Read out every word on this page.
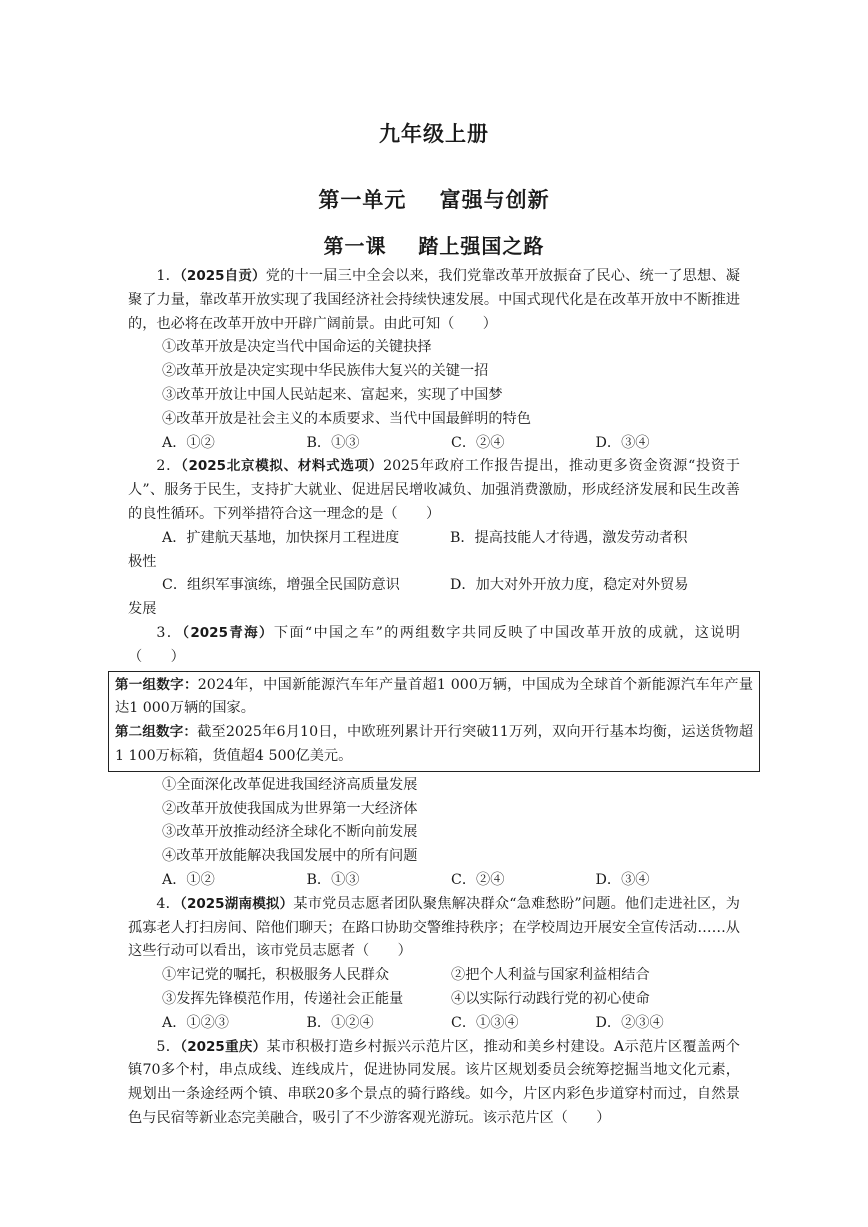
九年级上册
第一单元    富强与创新
第一课    踏上强国之路

1．（2025自贡）党的十一届三中全会以来，我们党靠改革开放振奋了民心、统一了思想、凝聚了力量，靠改革开放实现了我国经济社会持续快速发展。中国式现代化是在改革开放中不断推进的，也必将在改革开放中开辟广阔前景。由此可知（　　）

①改革开放是决定当代中国命运的关键抉择

②改革开放是决定实现中华民族伟大复兴的关键一招

③改革开放让中国人民站起来、富起来，实现了中国梦

④改革开放是社会主义的本质要求、当代中国最鲜明的特色

A．①②	B．①③	C．②④	D．③④

2．（2025北京模拟、材料式选项）2025年政府工作报告提出，推动更多资金资源“投资于人”、服务于民生，支持扩大就业、促进居民增收减负、加强消费激励，形成经济发展和民生改善的良性循环。下列举措符合这一理念的是（　　）

A．扩建航天基地，加快探月工程进度	B．提高技能人才待遇，激发劳动者积

极性

C．组织军事演练，增强全民国防意识	D．加大对外开放力度，稳定对外贸易

发展

3．（2025青海）下面“中国之车”的两组数字共同反映了中国改革开放的成就，这说明（　　）

第一组数字：2024年，中国新能源汽车年产量首超1 000万辆，中国成为全球首个新能源汽车年产量达1 000万辆的国家。

第二组数字：截至2025年6月10日，中欧班列累计开行突破11万列，双向开行基本均衡，运送货物超1 100万标箱，货值超4 500亿美元。

①全面深化改革促进我国经济高质量发展

②改革开放使我国成为世界第一大经济体

③改革开放推动经济全球化不断向前发展

④改革开放能解决我国发展中的所有问题

A．①②	B．①③	C．②④	D．③④

4．（2025湖南模拟）某市党员志愿者团队聚焦解决群众“急难愁盼”问题。他们走进社区，为孤寡老人打扫房间、陪他们聊天；在路口协助交警维持秩序；在学校周边开展安全宣传活动……从这些行动可以看出，该市党员志愿者（　　）

①牢记党的嘱托，积极服务人民群众	②把个人利益与国家利益相结合
③发挥先锋模范作用，传递社会正能量	④以实际行动践行党的初心使命
A．①②③	B．①②④	C．①③④	D．②③④

5．（2025重庆）某市积极打造乡村振兴示范片区，推动和美乡村建设。A示范片区覆盖两个镇70多个村，串点成线、连线成片，促进协同发展。该片区规划委员会统筹挖掘当地文化元素，规划出一条途经两个镇、串联20多个景点的骑行路线。如今，片区内彩色步道穿村而过，自然景色与民宿等新业态完美融合，吸引了不少游客观光游玩。该示范片区（　　）
